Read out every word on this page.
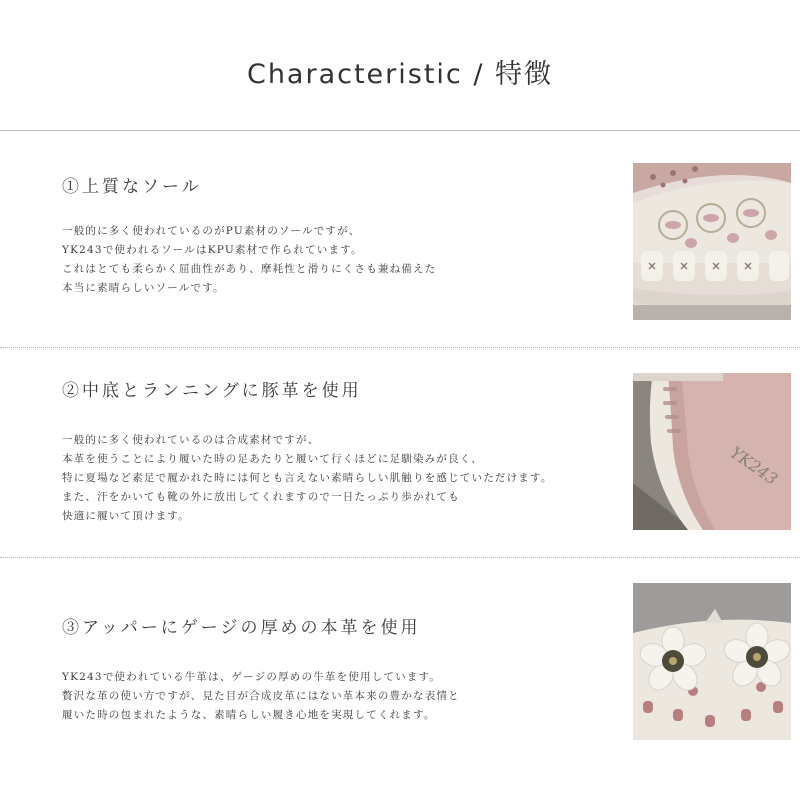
Characteristic / 特徴
①上質なソール

一般的に多く使われているのがPU素材のソールですが、

YK243で使われるソールはKPU素材で作られています。

これはとても柔らかく屈曲性があり、摩耗性と滑りにくさも兼ね備えた

本当に素晴らしいソールです。

②中底とランニングに豚革を使用

一般的に多く使われているのは合成素材ですが、

本革を使うことにより履いた時の足あたりと履いて行くほどに足馴染みが良く、

特に夏場など素足で履かれた時には何とも言えない素晴らしい肌触りを感じていただけます。

また、汗をかいても靴の外に放出してくれますので一日たっぷり歩かれても

快適に履いて頂けます。

YK243
③アッパーにゲージの厚めの本革を使用

YK243で使われている牛革は、ゲージの厚めの牛革を使用しています。

贅沢な革の使い方ですが、見た目が合成皮革にはない革本来の豊かな表情と

履いた時の包まれたような、素晴らしい履き心地を実現してくれます。
